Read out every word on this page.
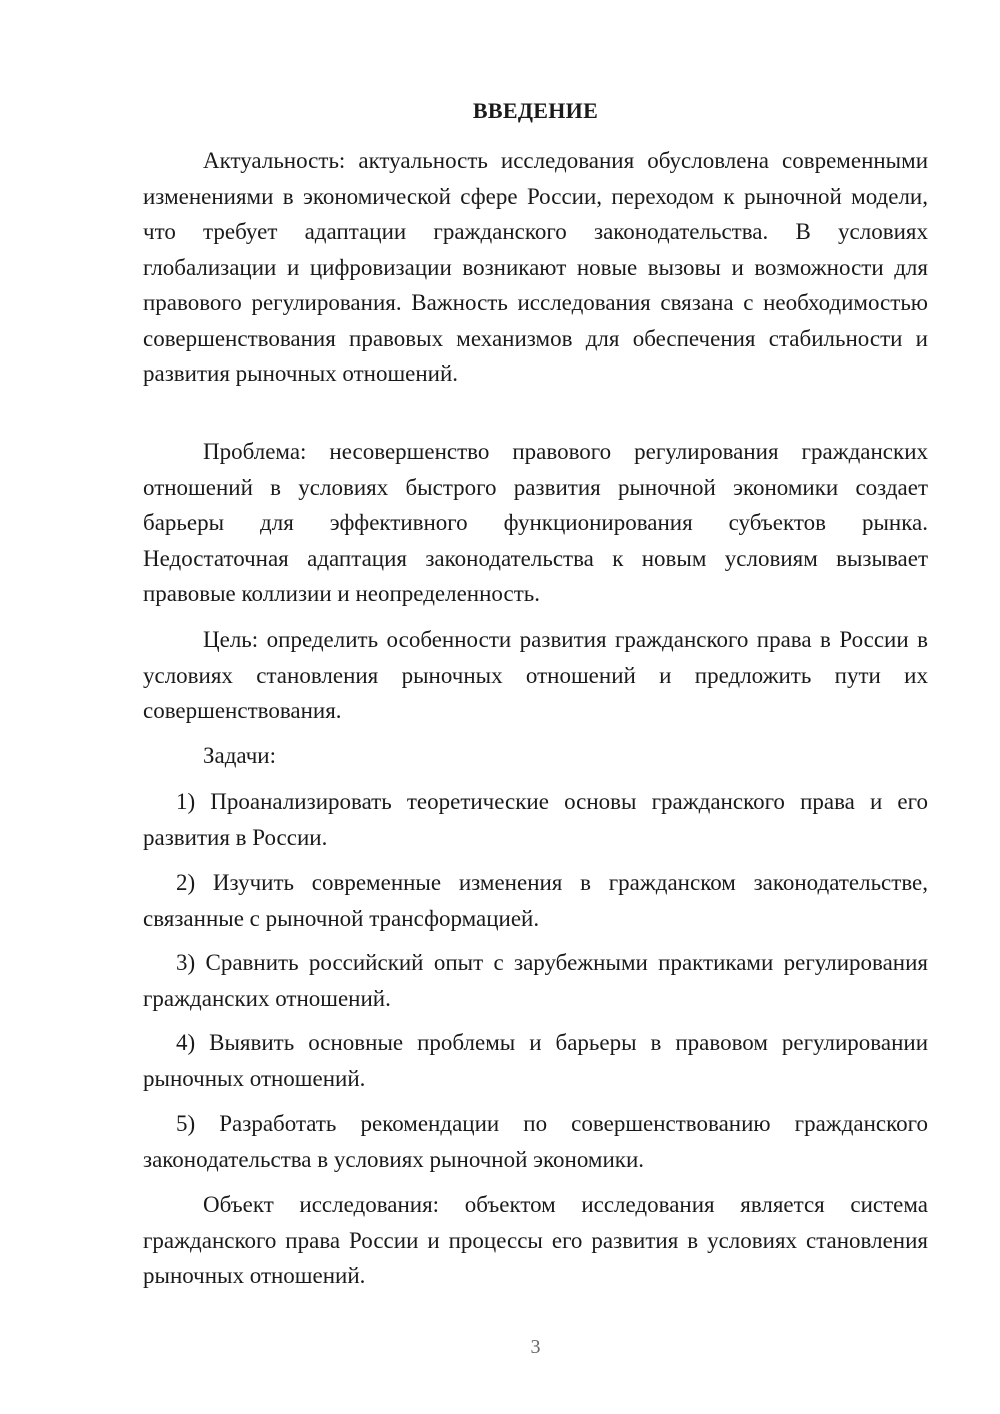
ВВЕДЕНИЕ

Актуальность: актуальность исследования обусловлена современными изменениями в экономической сфере России, переходом к рыночной модели, что требует адаптации гражданского законодательства. В условиях глобализации и цифровизации возникают новые вызовы и возможности для правового регулирования. Важность исследования связана с необходимостью совершенствования правовых механизмов для обеспечения стабильности и развития рыночных отношений.

Проблема: несовершенство правового регулирования гражданских отношений в условиях быстрого развития рыночной экономики создает барьеры для эффективного функционирования субъектов рынка. Недостаточная адаптация законодательства к новым условиям вызывает правовые коллизии и неопределенность.

Цель: определить особенности развития гражданского права в России в условиях становления рыночных отношений и предложить пути их совершенствования.

Задачи:

1) Проанализировать теоретические основы гражданского права и его развития в России.

2) Изучить современные изменения в гражданском законодательстве, связанные с рыночной трансформацией.

3) Сравнить российский опыт с зарубежными практиками регулирования гражданских отношений.

4) Выявить основные проблемы и барьеры в правовом регулировании рыночных отношений.

5) Разработать рекомендации по совершенствованию гражданского законодательства в условиях рыночной экономики.

Объект исследования: объектом исследования является система гражданского права России и процессы его развития в условиях становления рыночных отношений.

3
